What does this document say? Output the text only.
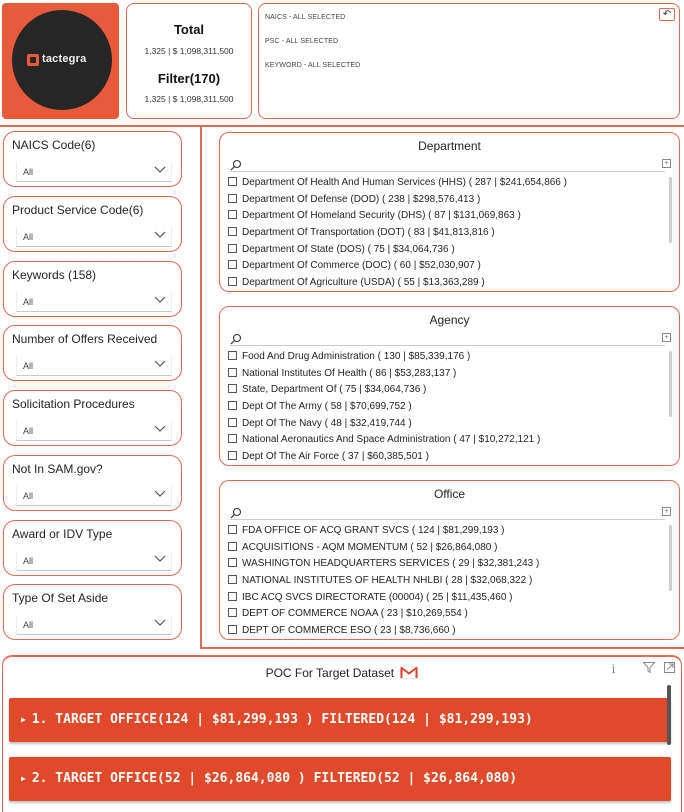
tactegra
Total
1,325 | $ 1,098,311,500
Filter(170)
1,325 | $ 1,098,311,500
NAICS - ALL SELECTED
PSC - ALL SELECTED
KEYWORD - ALL SELECTED
↶
NAICS Code(6)
All
Product Service Code(6)
All
Keywords (158)
All
Number of Offers Received
All
Solicitation Procedures
All
Not In SAM.gov?
All
Award or IDV Type
All
Type Of Set Aside
All
Department
+
Department Of Health And Human Services (HHS) ( 287 | $241,654,866 )
Department Of Defense (DOD) ( 238 | $298,576,413 )
Department Of Homeland Security (DHS) ( 87 | $131,069,863 )
Department Of Transportation (DOT) ( 83 | $41,813,816 )
Department Of State (DOS) ( 75 | $34,064,736 )
Department Of Commerce (DOC) ( 60 | $52,030,907 )
Department Of Agriculture (USDA) ( 55 | $13,363,289 )
Agency
+
Food And Drug Administration ( 130 | $85,339,176 )
National Institutes Of Health ( 86 | $53,283,137 )
State, Department Of ( 75 | $34,064,736 )
Dept Of The Army ( 58 | $70,699,752 )
Dept Of The Navy ( 48 | $32,419,744 )
National Aeronautics And Space Administration ( 47 | $10,272,121 )
Dept Of The Air Force ( 37 | $60,385,501 )
Office
+
FDA OFFICE OF ACQ GRANT SVCS ( 124 | $81,299,193 )
ACQUISITIONS - AQM MOMENTUM ( 52 | $26,864,080 )
WASHINGTON HEADQUARTERS SERVICES ( 29 | $32,381,243 )
NATIONAL INSTITUTES OF HEALTH NHLBI ( 28 | $32,068,322 )
IBC ACQ SVCS DIRECTORATE (00004) ( 25 | $11,435,460 )
DEPT OF COMMERCE NOAA ( 23 | $10,269,554 )
DEPT OF COMMERCE ESO ( 23 | $8,736,660 )
POC For Target Dataset	i
▶ 1. TARGET OFFICE(124 | $81,299,193 ) FILTERED(124 | $81,299,193)
▶ 2. TARGET OFFICE(52 | $26,864,080 ) FILTERED(52 | $26,864,080)
